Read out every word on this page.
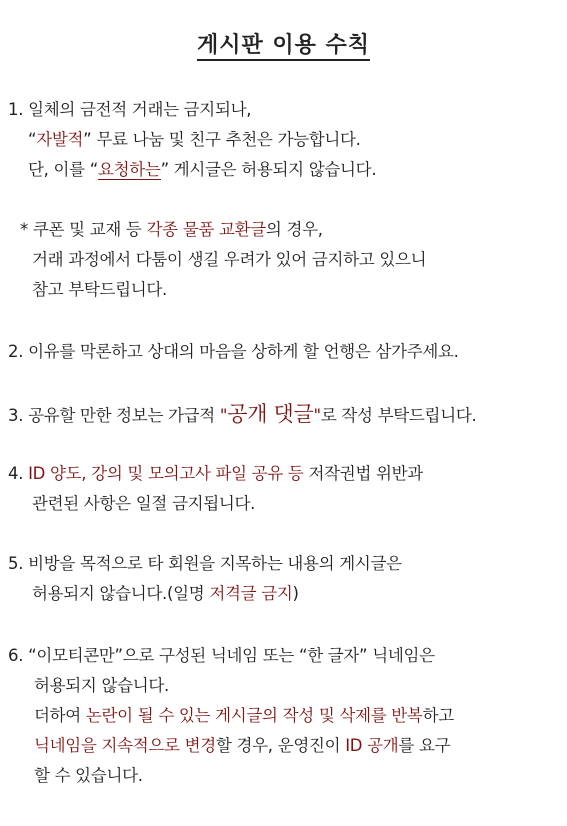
게시판 이용 수칙
1. 일체의 금전적 거래는 금지되나,
“자발적” 무료 나눔 및 친구 추천은 가능합니다.
단, 이를 “요청하는” 게시글은 허용되지 않습니다.
* 쿠폰 및 교재 등 각종 물품 교환글의 경우,
거래 과정에서 다툼이 생길 우려가 있어 금지하고 있으니
참고 부탁드립니다.
2. 이유를 막론하고 상대의 마음을 상하게 할 언행은 삼가주세요.
3. 공유할 만한 정보는 가급적 "공개 댓글"로 작성 부탁드립니다.
4. ID 양도, 강의 및 모의고사 파일 공유 등 저작권법 위반과
관련된 사항은 일절 금지됩니다.
5. 비방을 목적으로 타 회원을 지목하는 내용의 게시글은
허용되지 않습니다.(일명 저격글 금지)
6. “이모티콘만”으로 구성된 닉네임 또는 “한 글자” 닉네임은
허용되지 않습니다.
더하여 논란이 될 수 있는 게시글의 작성 및 삭제를 반복하고
닉네임을 지속적으로 변경할 경우, 운영진이 ID 공개를 요구
할 수 있습니다.
